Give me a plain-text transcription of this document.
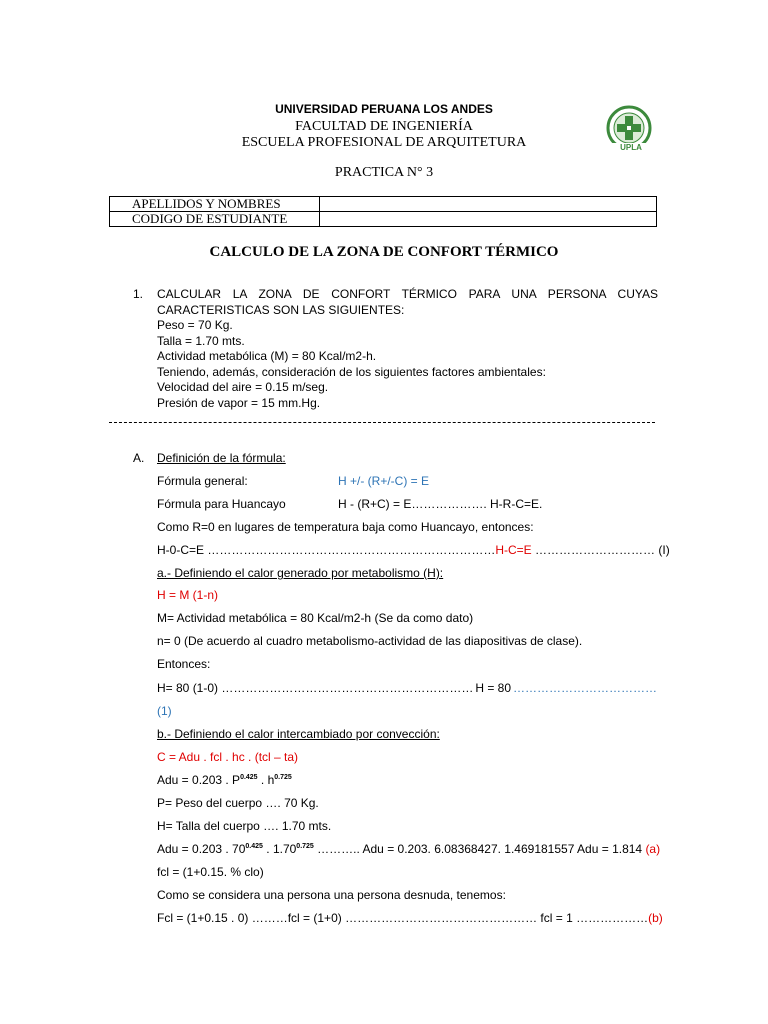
UNIVERSIDAD PERUANA LOS ANDES
FACULTAD DE INGENIERÍA
ESCUELA PROFESIONAL DE ARQUITETURA
PRACTICA N° 3
UPLA
APELLIDOS Y NOMBRES	
CODIGO DE ESTUDIANTE	
CALCULO DE LA ZONA DE CONFORT TÉRMICO
1. CALCULAR LA ZONA DE CONFORT TÉRMICO PARA UNA PERSONA CUYAS
CARACTERISTICAS SON LAS SIGUIENTES:
Peso = 70 Kg.
Talla = 1.70 mts.
Actividad metabólica (M) = 80 Kcal/m2-h.
Teniendo, además, consideración de los siguientes factores ambientales:
Velocidad del aire = 0.15 m/seg.
Presión de vapor = 15 mm.Hg.
A. Definición de la fórmula:
Fórmula general:	H +/- (R+/-C) = E
Fórmula para Huancayo	H - (R+C) = E………………. H-R-C=E.
Como R=0 en lugares de temperatura baja como Huancayo, entonces:
H-0-C=E ……………………………………………………………… H-C=E ………………………… (I)
a.- Definiendo el calor generado por metabolismo (H):
H = M (1-n)
M= Actividad metabólica = 80 Kcal/m2-h (Se da como dato)
n= 0 (De acuerdo al cuadro metabolismo-actividad de las diapositivas de clase).
Entonces:
H= 80 (1-0) ……………………………………………………… H = 80 ………………………………
(1)
b.- Definiendo el calor intercambiado por convección:
C = Adu . fcl . hc . (tcl – ta)
Adu = 0.203 . $P^{0.425}$ . $h^{0.725}$
P= Peso del cuerpo …. 70 Kg.
H= Talla del cuerpo …. 1.70 mts.
Adu = 0.203 . $70^{0.425}$ . $1.70^{0.725}$ ……….. Adu = 0.203. 6.08368427. 1.469181557 Adu = 1.814 (a)
fcl = (1+0.15. % clo)
Como se considera una persona una persona desnuda, tenemos:
Fcl = (1+0.15 . 0) ………fcl = (1+0) ………………………………………… fcl = 1 ……………… (b)
